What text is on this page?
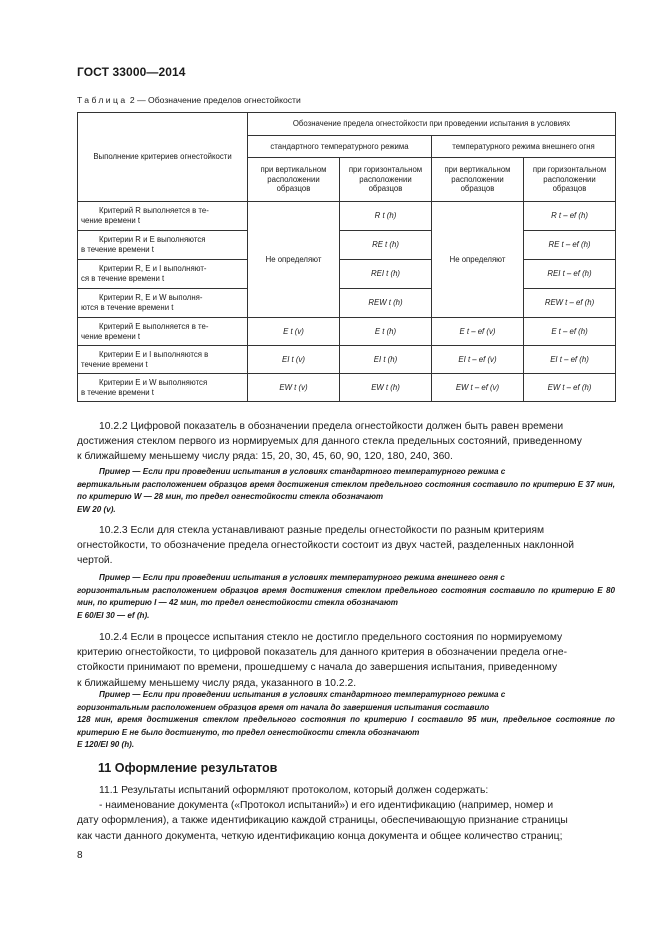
ГОСТ 33000—2014
Таблица 2 — Обозначение пределов огнестойкости
Выполнение критериев огнестойкости	Обозначение предела огнестойкости при проведении испытания в условиях			
	стандартного температурного режима		температурного режима внешнего огня	
	при вертикальном расположении образцов	при горизонтальном расположении образцов	при вертикальном расположении образцов	при горизонтальном расположении образцов

Критерий R выполняется в те-
чение времени t	Не определяют	R t (h)	Не определяют	R t – ef (h)

Критерии R и E выполняются
в течение времени t		RE t (h)		RE t – ef (h)

Критерии R, E и I выполняют-
ся в течение времени t		REI t (h)		REI t – ef (h)

Критерии R, E и W выполня-
ются в течение времени t		REW t (h)		REW t – ef (h)

Критерий E выполняется в те-
чение времени t	E t (v)	E t (h)	E t – ef (v)	E t – ef (h)

Критерии E и I выполняются в
течение времени t	EI t (v)	EI t (h)	EI t – ef (v)	EI t – ef (h)

Критерии E и W выполняются
в течение времени t	EW t (v)	EW t (h)	EW t – ef (v)	EW t – ef (h)

10.2.2 Цифровой показатель в обозначении предела огнестойкости должен быть равен времени

достижения стеклом первого из нормируемых для данного стекла предельных состояний, приведенному

к ближайшему меньшему числу ряда: 15, 20, 30, 45, 60, 90, 120, 180, 240, 360.

Пример — Если при проведении испытания в условиях стандартного температурного режима с

вертикальным расположением образцов время достижения стеклом предельного состояния составило по критерию E 37 мин, по критерию W — 28 мин, то предел огнестойкости стекла обозначают

EW 20 (v).

10.2.3 Если для стекла устанавливают разные пределы огнестойкости по разным критериям

огнестойкости, то обозначение предела огнестойкости состоит из двух частей, разделенных наклонной

чертой.

Пример — Если при проведении испытания в условиях температурного режима внешнего огня с

горизонтальным расположением образцов время достижения стеклом предельного состояния составило по критерию E 80 мин, по критерию I — 42 мин, то предел огнестойкости стекла обозначают

E 60/EI 30 — ef (h).

10.2.4 Если в процессе испытания стекло не достигло предельного состояния по нормируемому

критерию огнестойкости, то цифровой показатель для данного критерия в обозначении предела огне-

стойкости принимают по времени, прошедшему с начала до завершения испытания, приведенному

к ближайшему меньшему числу ряда, указанного в 10.2.2.

Пример — Если при проведении испытания в условиях стандартного температурного режима с

горизонтальным расположением образцов время от начала до завершения испытания составило

128 мин, время достижения стеклом предельного состояния по критерию I составило 95 мин, предельное состояние по критерию E не было достигнуто, то предел огнестойкости стекла обозначают

E 120/EI 90 (h).

11 Оформление результатов

11.1 Результаты испытаний оформляют протоколом, который должен содержать:

- наименование документа («Протокол испытаний») и его идентификацию (например, номер и

дату оформления), а также идентификацию каждой страницы, обеспечивающую признание страницы

как части данного документа, четкую идентификацию конца документа и общее количество страниц;

8
